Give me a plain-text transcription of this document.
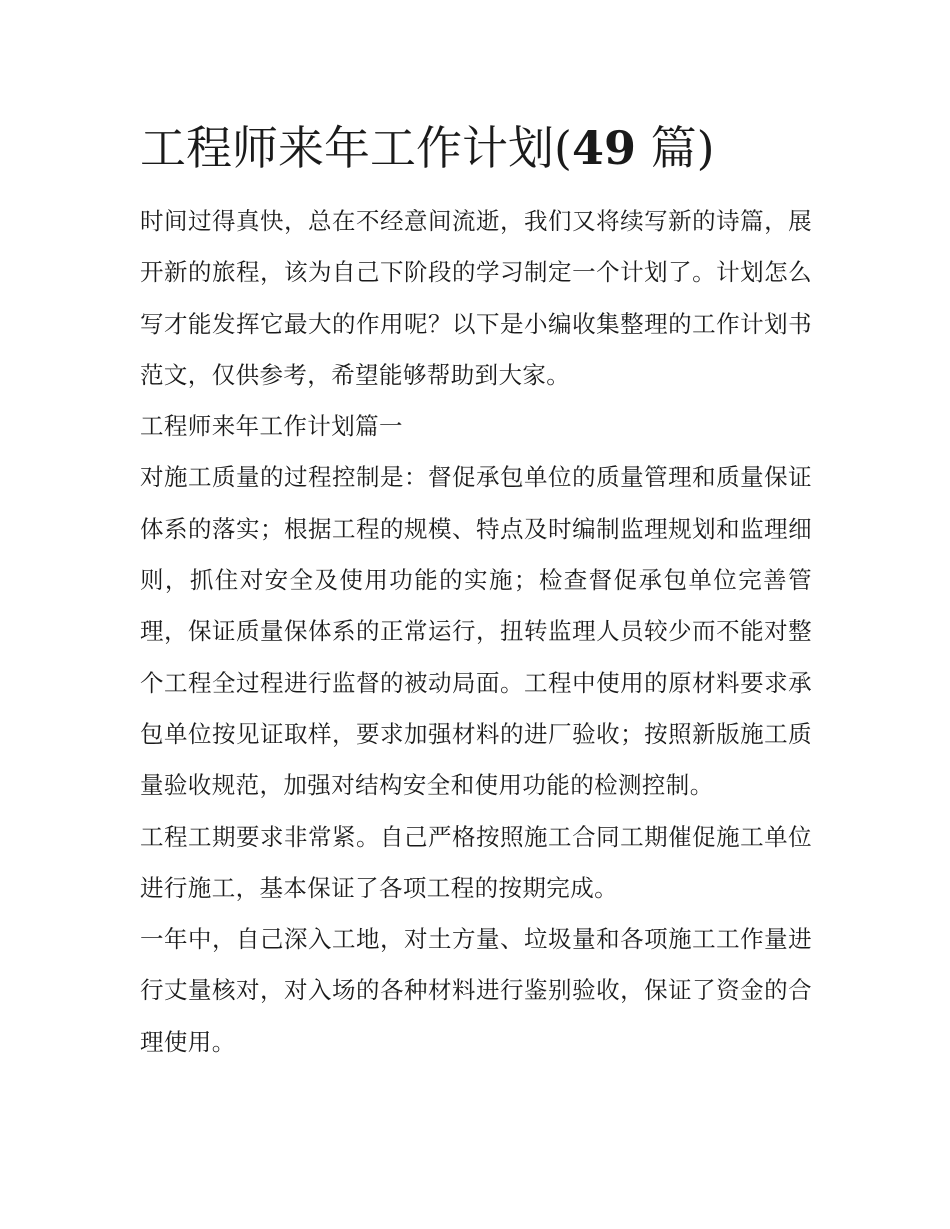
工程师来年工作计划(49 篇)

时间过得真快，总在不经意间流逝，我们又将续写新的诗篇，展开新的旅程，该为自己下阶段的学习制定一个计划了。计划怎么写才能发挥它最大的作用呢？以下是小编收集整理的工作计划书范文，仅供参考，希望能够帮助到大家。

工程师来年工作计划篇一

对施工质量的过程控制是：督促承包单位的质量管理和质量保证体系的落实；根据工程的规模、特点及时编制监理规划和监理细则，抓住对安全及使用功能的实施；检查督促承包单位完善管理，保证质量保体系的正常运行，扭转监理人员较少而不能对整个工程全过程进行监督的被动局面。工程中使用的原材料要求承包单位按见证取样，要求加强材料的进厂验收；按照新版施工质量验收规范，加强对结构安全和使用功能的检测控制。

工程工期要求非常紧。自己严格按照施工合同工期催促施工单位进行施工，基本保证了各项工程的按期完成。

一年中，自己深入工地，对土方量、垃圾量和各项施工工作量进行丈量核对，对入场的各种材料进行鉴别验收，保证了资金的合理使用。
